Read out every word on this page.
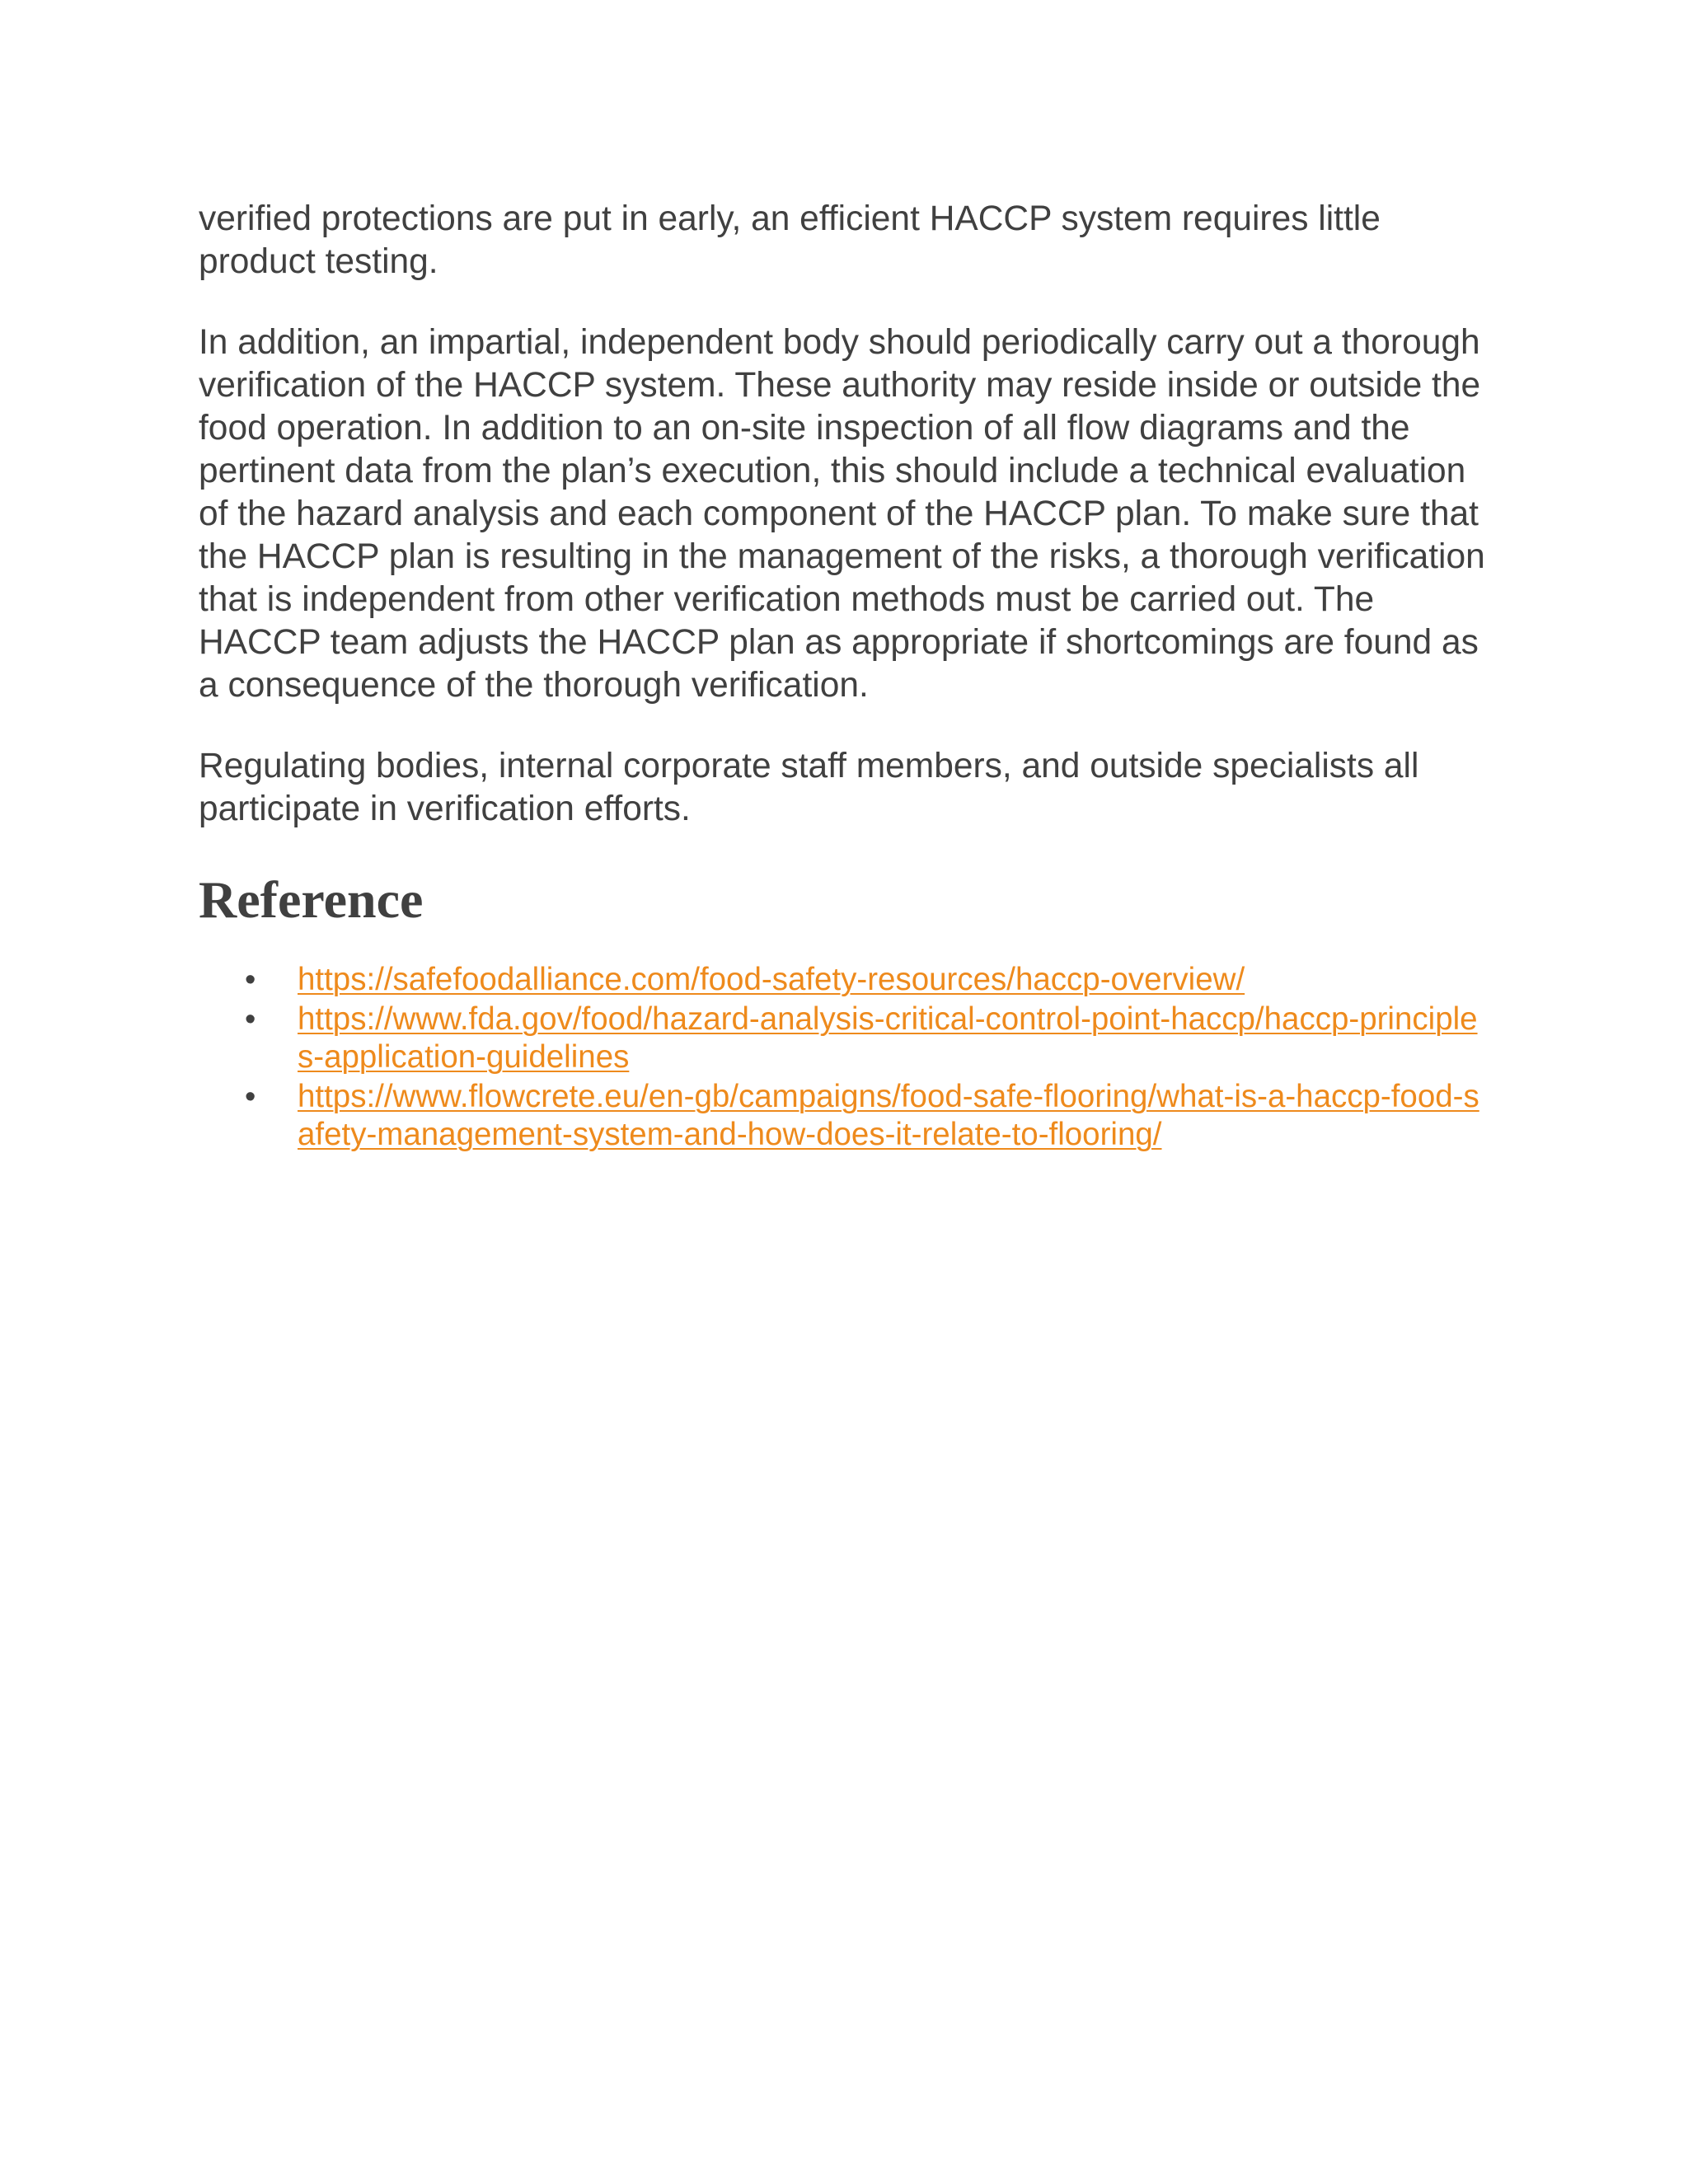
verified protections are put in early, an efficient HACCP system requires little product testing.

In addition, an impartial, independent body should periodically carry out a thorough verification of the HACCP system. These authority may reside inside or outside the food operation. In addition to an on-site inspection of all flow diagrams and the pertinent data from the plan’s execution, this should include a technical evaluation of the hazard analysis and each component of the HACCP plan. To make sure that the HACCP plan is resulting in the management of the risks, a thorough verification that is independent from other verification methods must be carried out. The HACCP team adjusts the HACCP plan as appropriate if shortcomings are found as a consequence of the thorough verification.

Regulating bodies, internal corporate staff members, and outside specialists all participate in verification efforts.

Reference
• https://safefoodalliance.com/food-safety-resources/haccp-overview/
• https://www.fda.gov/food/hazard-analysis-critical-control-point-haccp/haccp-principles-application-guidelines
• https://www.flowcrete.eu/en-gb/campaigns/food-safe-flooring/what-is-a-haccp-food-safety-management-system-and-how-does-it-relate-to-flooring/
